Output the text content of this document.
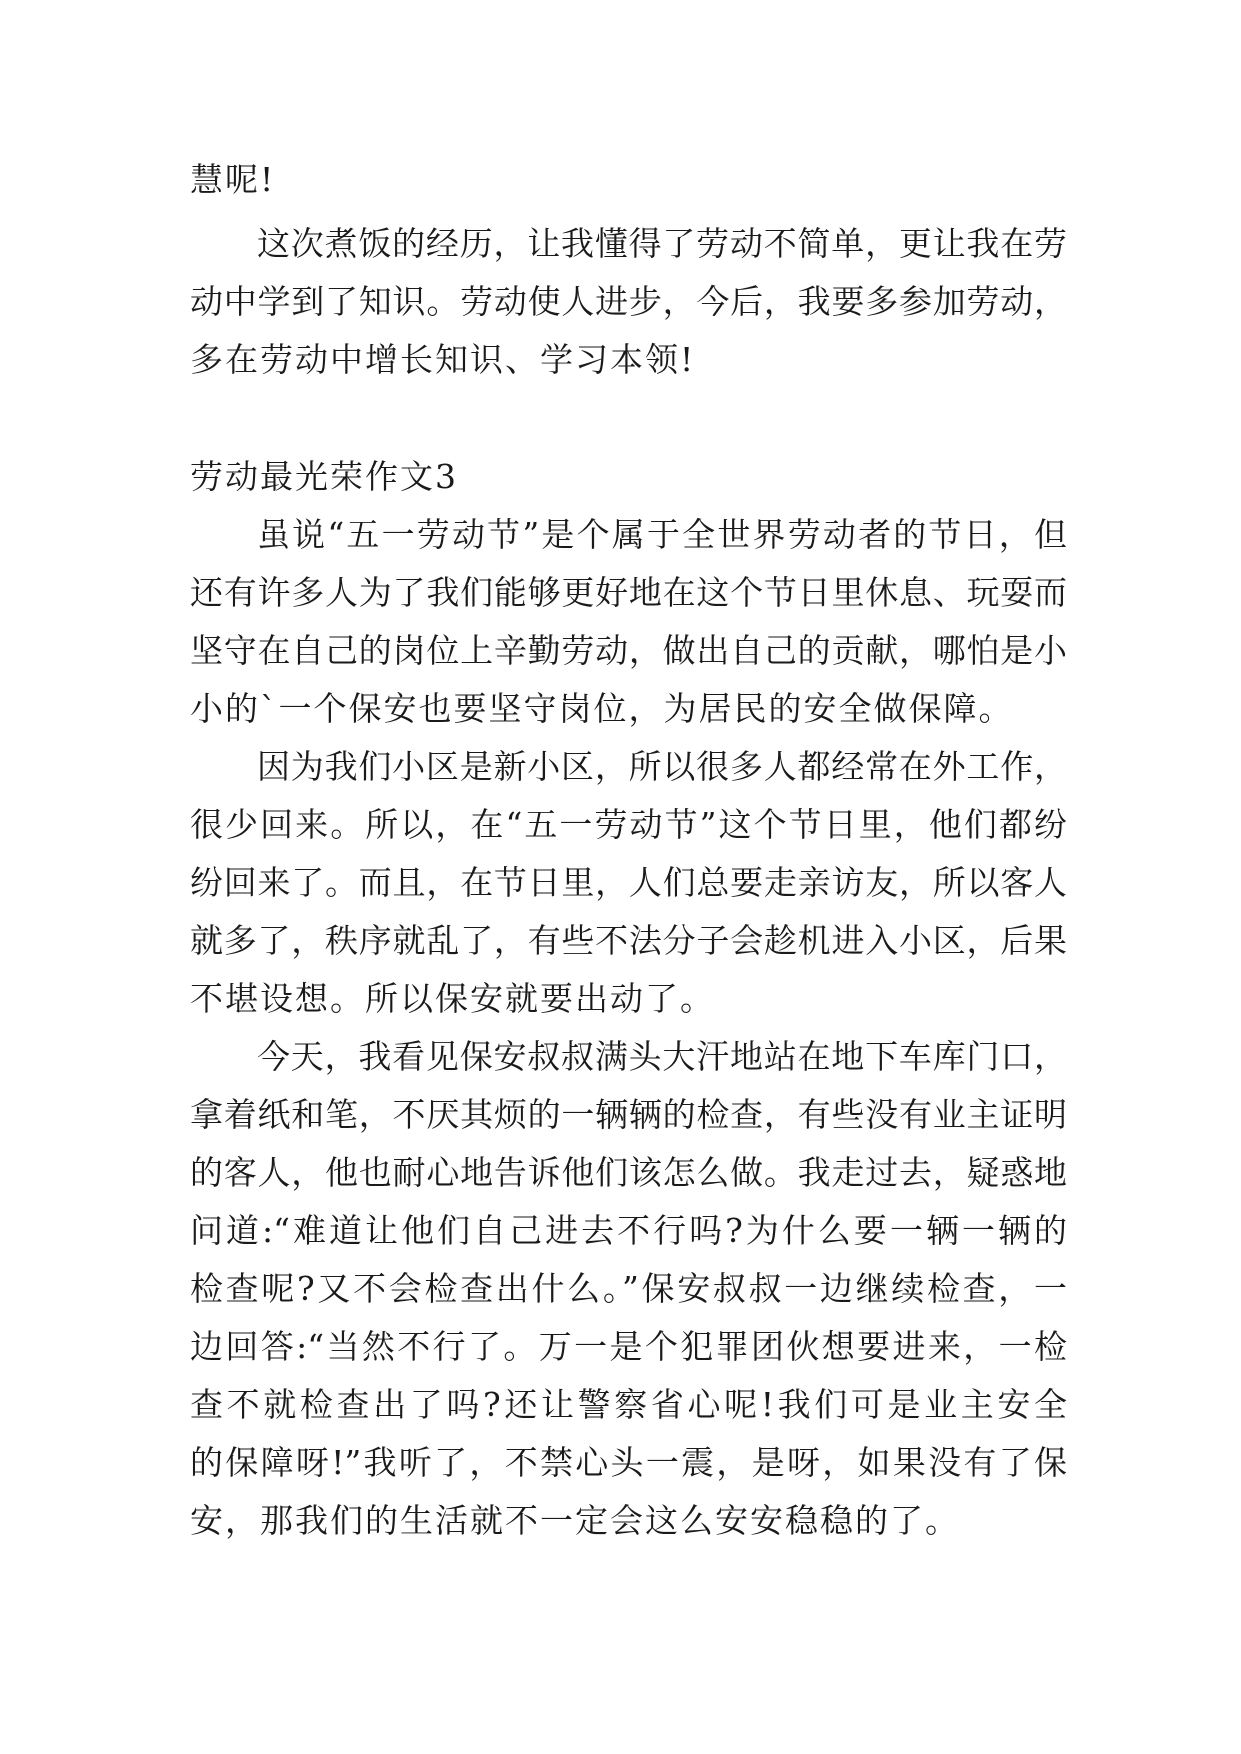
慧呢!

这次煮饭的经历，让我懂得了劳动不简单，更让我在劳

动中学到了知识。劳动使人进步，今后，我要多参加劳动，

多在劳动中增长知识、学习本领!

劳动最光荣作文3

虽说“五一劳动节”是个属于全世界劳动者的节日，但

还有许多人为了我们能够更好地在这个节日里休息、玩耍而

坚守在自己的岗位上辛勤劳动，做出自己的贡献，哪怕是小

小的`一个保安也要坚守岗位，为居民的安全做保障。

因为我们小区是新小区，所以很多人都经常在外工作，

很少回来。所以，在“五一劳动节”这个节日里，他们都纷

纷回来了。而且，在节日里，人们总要走亲访友，所以客人

就多了，秩序就乱了，有些不法分子会趁机进入小区，后果

不堪设想。所以保安就要出动了。

今天，我看见保安叔叔满头大汗地站在地下车库门口，

拿着纸和笔，不厌其烦的一辆辆的检查，有些没有业主证明

的客人，他也耐心地告诉他们该怎么做。我走过去，疑惑地

问道:“难道让他们自己进去不行吗?为什么要一辆一辆的

检查呢?又不会检查出什么。”保安叔叔一边继续检查，一

边回答:“当然不行了。万一是个犯罪团伙想要进来，一检

查不就检查出了吗?还让警察省心呢!我们可是业主安全

的保障呀!”我听了，不禁心头一震，是呀，如果没有了保

安，那我们的生活就不一定会这么安安稳稳的了。
